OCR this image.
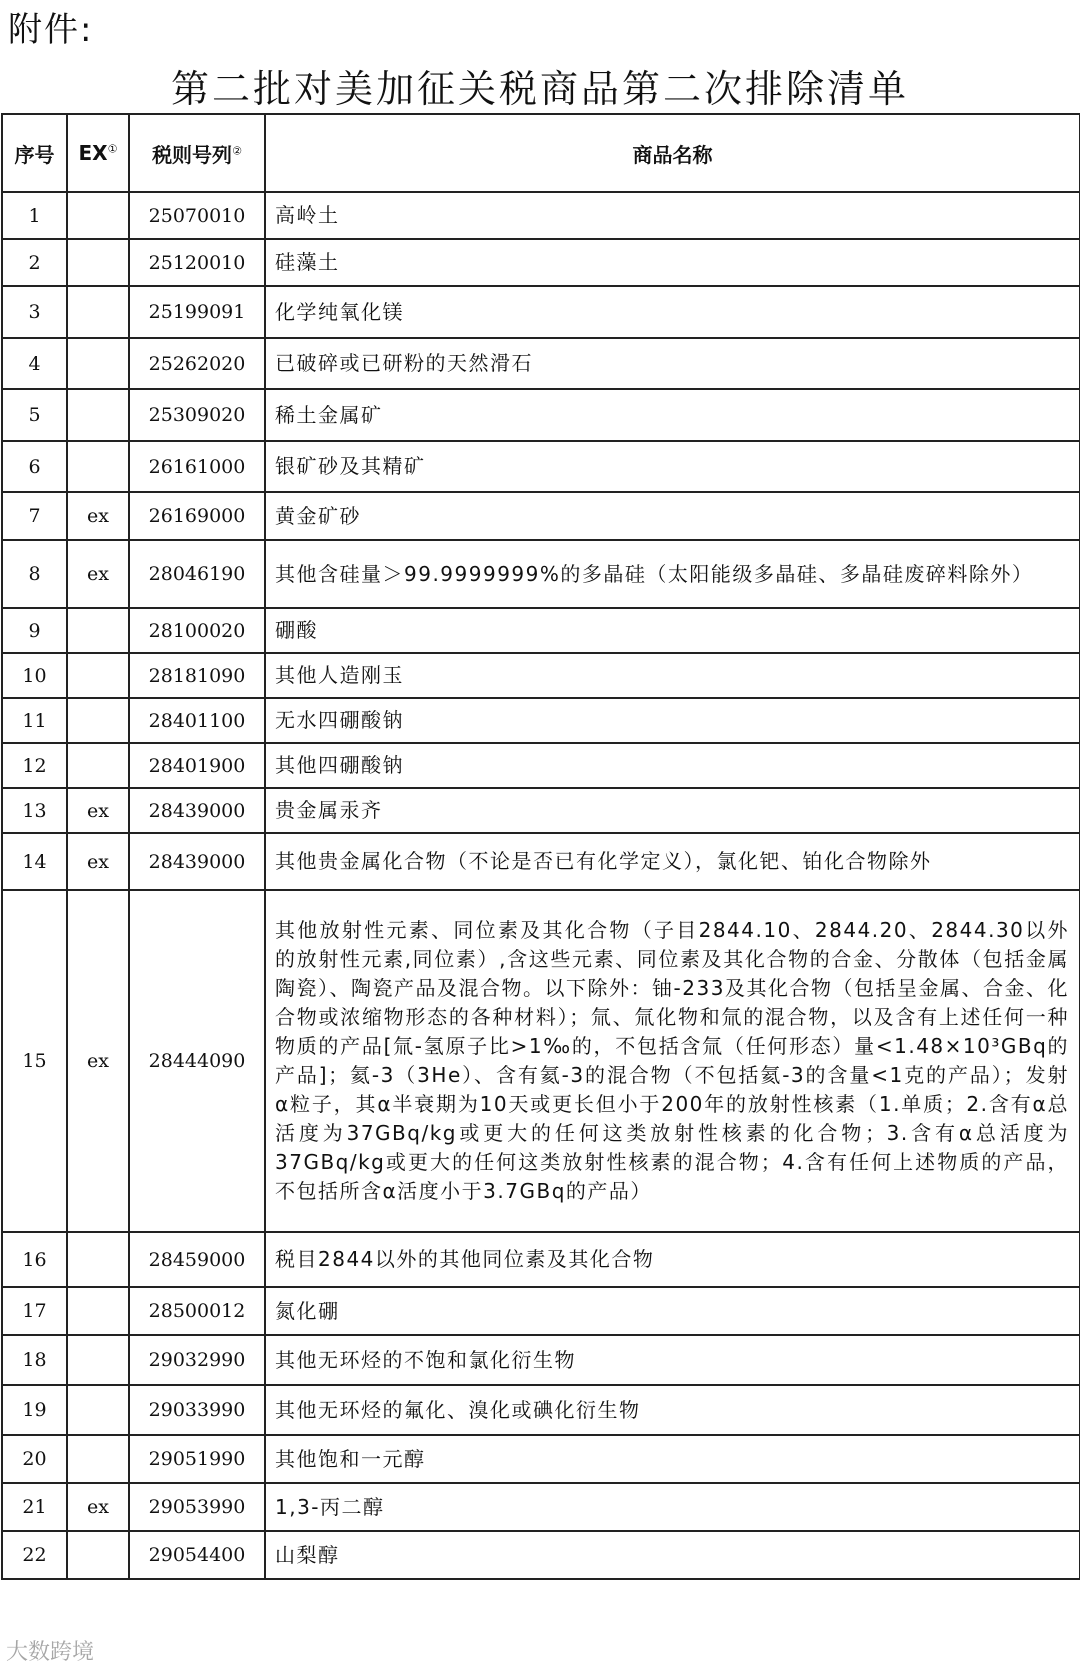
附件:
第二批对美加征关税商品第二次排除清单
序号	EX①	税则号列②	商品名称
1		25070010	高岭土
2		25120010	硅藻土
3		25199091	化学纯氧化镁
4		25262020	已破碎或已研粉的天然滑石
5		25309020	稀土金属矿
6		26161000	银矿砂及其精矿
7	ex	26169000	黄金矿砂
8	ex	28046190	其他含硅量＞99.9999999%的多晶硅（太阳能级多晶硅、多晶硅废碎料除外）
9		28100020	硼酸
10		28181090	其他人造刚玉
11		28401100	无水四硼酸钠
12		28401900	其他四硼酸钠
13	ex	28439000	贵金属汞齐
14	ex	28439000	其他贵金属化合物（不论是否已有化学定义），氯化钯、铂化合物除外
15	ex	28444090	其他放射性元素、同位素及其化合物（子目2844.10、2844.20、2844.30以外的放射性元素,同位素）,含这些元素、同位素及其化合物的合金、分散体（包括金属陶瓷）、陶瓷产品及混合物。以下除外：铀-233及其化合物（包括呈金属、合金、化合物或浓缩物形态的各种材料）；氚、氚化物和氚的混合物，以及含有上述任何一种物质的产品[氚-氢原子比>1‰的，不包括含氚（任何形态）量<1.48×10³GBq的产品]；氦-3（3He）、含有氦-3的混合物（不包括氦-3的含量<1克的产品）；发射α粒子，其α半衰期为10天或更长但小于200年的放射性核素（1.单质；2.含有α总活度为37GBq/kg或更大的任何这类放射性核素的化合物；3.含有α总活度为37GBq/kg或更大的任何这类放射性核素的混合物；4.含有任何上述物质的产品，不包括所含α活度小于3.7GBq的产品）
16		28459000	税目2844以外的其他同位素及其化合物
17		28500012	氮化硼
18		29032990	其他无环烃的不饱和氯化衍生物
19		29033990	其他无环烃的氟化、溴化或碘化衍生物
20		29051990	其他饱和一元醇
21	ex	29053990	1,3-丙二醇
22		29054400	山梨醇
大数跨境
